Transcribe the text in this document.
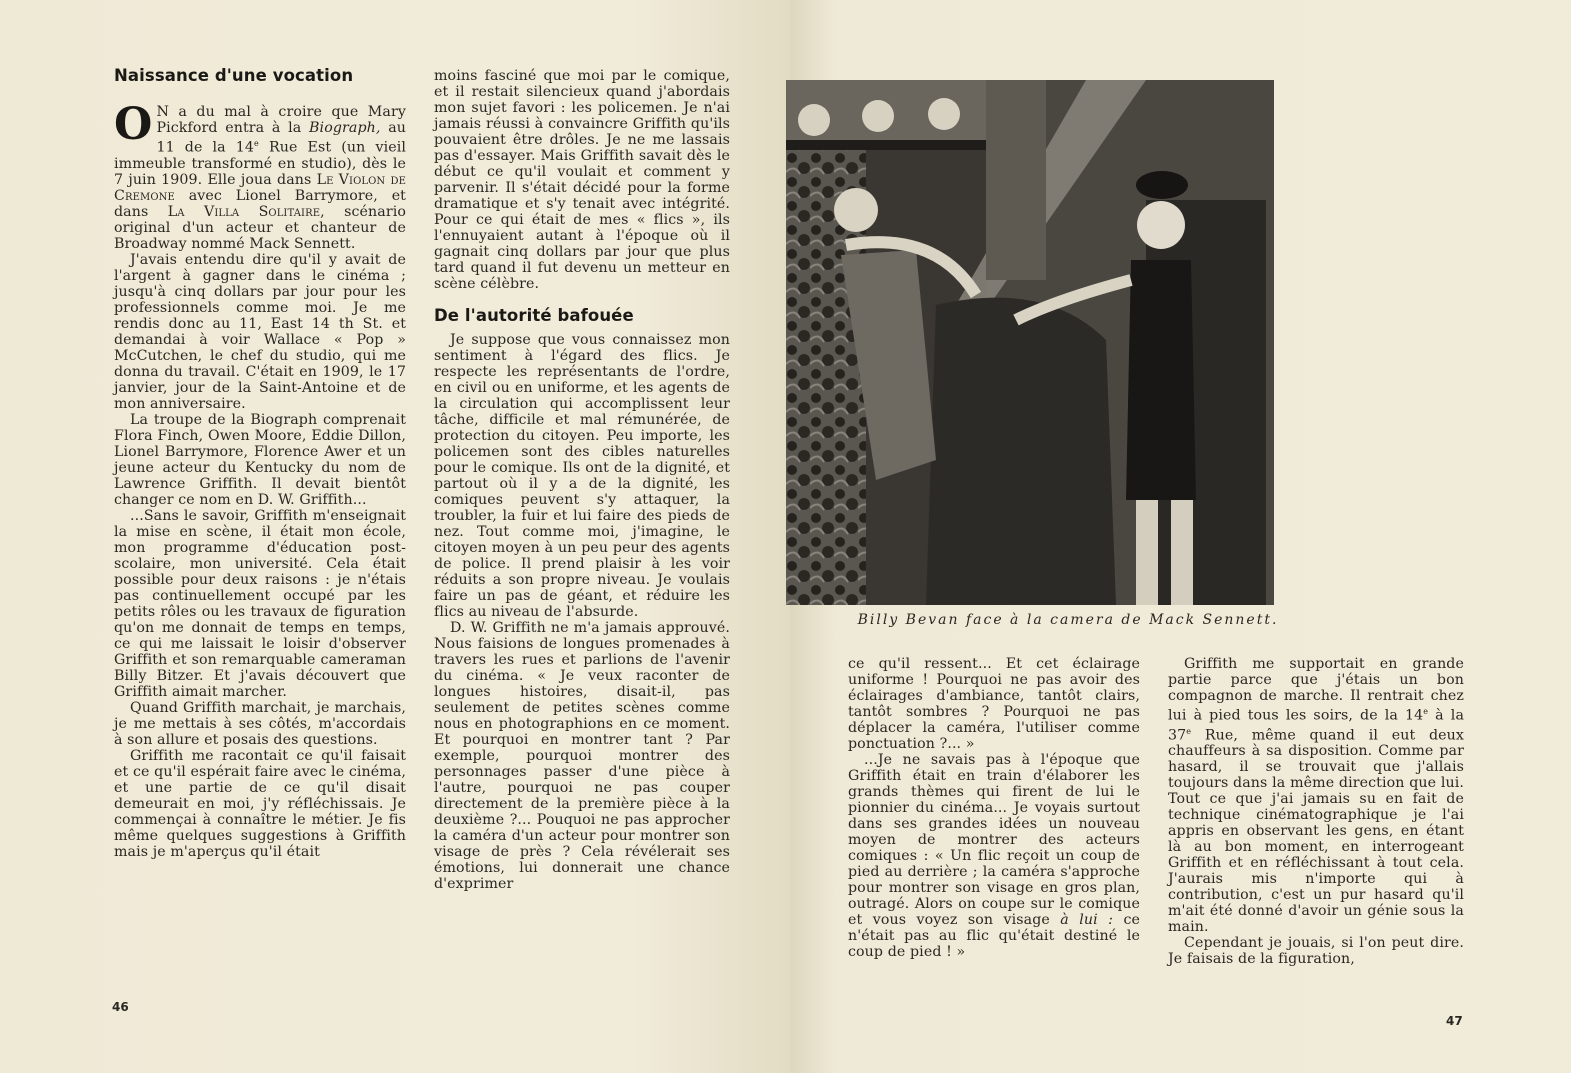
Naissance d'une vocation

O N a du mal à croire que Mary Pickford entra à la Biograph, au 11 de la 14e Rue Est (un vieil immeuble transformé en studio), dès le 7 juin 1909. Elle joua dans Le Violon de Cremone avec Lionel Barrymore, et dans La Villa Solitaire, scénario original d'un acteur et chanteur de Broadway nommé Mack Sennett.

J'avais entendu dire qu'il y avait de l'argent à gagner dans le cinéma ; jusqu'à cinq dollars par jour pour les professionnels comme moi. Je me rendis donc au 11, East 14 th St. et demandai à voir Wallace « Pop » McCutchen, le chef du studio, qui me donna du travail. C'était en 1909, le 17 janvier, jour de la Saint-Antoine et de mon anniversaire.

La troupe de la Biograph comprenait Flora Finch, Owen Moore, Eddie Dillon, Lionel Barrymore, Florence Awer et un jeune acteur du Kentucky du nom de Lawrence Griffith. Il devait bientôt changer ce nom en D. W. Griffith...

...Sans le savoir, Griffith m'enseignait la mise en scène, il était mon école, mon programme d'éducation post-scolaire, mon université. Cela était possible pour deux raisons : je n'étais pas continuellement occupé par les petits rôles ou les travaux de figuration qu'on me donnait de temps en temps, ce qui me laissait le loisir d'observer Griffith et son remarquable cameraman Billy Bitzer. Et j'avais découvert que Griffith aimait marcher.

Quand Griffith marchait, je marchais, je me mettais à ses côtés, m'accordais à son allure et posais des questions.

Griffith me racontait ce qu'il faisait et ce qu'il espérait faire avec le cinéma, et une partie de ce qu'il disait demeurait en moi, j'y réfléchissais. Je commençai à connaître le métier. Je fis même quelques suggestions à Griffith mais je m'aperçus qu'il était

moins fasciné que moi par le comique, et il restait silencieux quand j'abordais mon sujet favori : les policemen. Je n'ai jamais réussi à convaincre Griffith qu'ils pouvaient être drôles. Je ne me lassais pas d'essayer. Mais Griffith savait dès le début ce qu'il voulait et comment y parvenir. Il s'était décidé pour la forme dramatique et s'y tenait avec intégrité. Pour ce qui était de mes « flics », ils l'ennuyaient autant à l'époque où il gagnait cinq dollars par jour que plus tard quand il fut devenu un metteur en scène célèbre.

De l'autorité bafouée

Je suppose que vous connaissez mon sentiment à l'égard des flics. Je respecte les représentants de l'ordre, en civil ou en uniforme, et les agents de la circulation qui accomplissent leur tâche, difficile et mal rémunérée, de protection du citoyen. Peu importe, les policemen sont des cibles naturelles pour le comique. Ils ont de la dignité, et partout où il y a de la dignité, les comiques peuvent s'y attaquer, la troubler, la fuir et lui faire des pieds de nez. Tout comme moi, j'imagine, le citoyen moyen à un peu peur des agents de police. Il prend plaisir à les voir réduits a son propre niveau. Je voulais faire un pas de géant, et réduire les flics au niveau de l'absurde.

D. W. Griffith ne m'a jamais approuvé. Nous faisions de longues promenades à travers les rues et parlions de l'avenir du cinéma. « Je veux raconter de longues histoires, disait-il, pas seulement de petites scènes comme nous en photographions en ce moment. Et pourquoi en montrer tant ? Par exemple, pourquoi montrer des personnages passer d'une pièce à l'autre, pourquoi ne pas couper directement de la première pièce à la deuxième ?... Pouquoi ne pas approcher la caméra d'un acteur pour montrer son visage de près ? Cela révélerait ses émotions, lui donnerait une chance d'exprimer

46
Billy Bevan face à la camera de Mack Sennett.

ce qu'il ressent... Et cet éclairage uniforme ! Pourquoi ne pas avoir des éclairages d'ambiance, tantôt clairs, tantôt sombres ? Pourquoi ne pas déplacer la caméra, l'utiliser comme ponctuation ?... »

...Je ne savais pas à l'époque que Griffith était en train d'élaborer les grands thèmes qui firent de lui le pionnier du cinéma... Je voyais surtout dans ses grandes idées un nouveau moyen de montrer des acteurs comiques : « Un flic reçoit un coup de pied au derrière ; la caméra s'approche pour montrer son visage en gros plan, outragé. Alors on coupe sur le comique et vous voyez son visage à lui : ce n'était pas au flic qu'était destiné le coup de pied ! »

Griffith me supportait en grande partie parce que j'étais un bon compagnon de marche. Il rentrait chez lui à pied tous les soirs, de la 14e à la 37e Rue, même quand il eut deux chauffeurs à sa disposition. Comme par hasard, il se trouvait que j'allais toujours dans la même direction que lui. Tout ce que j'ai jamais su en fait de technique cinématographique je l'ai appris en observant les gens, en étant là au bon moment, en interrogeant Griffith et en réfléchissant à tout cela. J'aurais mis n'importe qui à contribution, c'est un pur hasard qu'il m'ait été donné d'avoir un génie sous la main.

Cependant je jouais, si l'on peut dire. Je faisais de la figuration,

47
